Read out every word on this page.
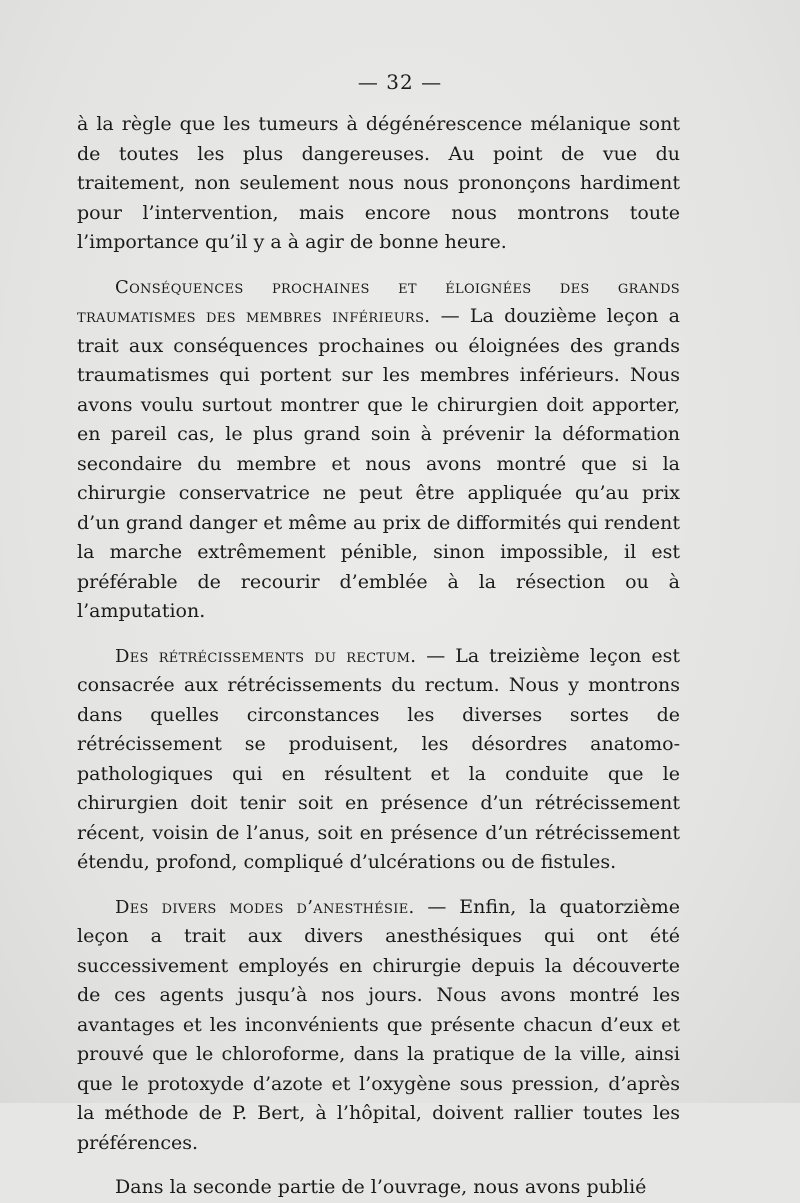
— 32 —

à la règle que les tumeurs à dégénérescence mélanique sont de toutes les plus dangereuses. Au point de vue du traitement, non seulement nous nous prononçons hardiment pour l’intervention, mais encore nous montrons toute l’importance qu’il y a à agir de bonne heure.

Conséquences prochaines et éloignées des grands traumatismes des membres inférieurs. — La douzième leçon a trait aux conséquences prochaines ou éloignées des grands traumatismes qui portent sur les membres inférieurs. Nous avons voulu surtout montrer que le chirurgien doit apporter, en pareil cas, le plus grand soin à prévenir la déformation secondaire du membre et nous avons montré que si la chirurgie conservatrice ne peut être appliquée qu’au prix d’un grand danger et même au prix de difformités qui rendent la marche extrêmement pénible, sinon impossible, il est préférable de recourir d’emblée à la résection ou à l’amputation.

Des rétrécissements du rectum. — La treizième leçon est consacrée aux rétrécissements du rectum. Nous y montrons dans quelles circonstances les diverses sortes de rétrécissement se produisent, les désordres anatomo-pathologiques qui en résultent et la conduite que le chirurgien doit tenir soit en présence d’un rétrécissement récent, voisin de l’anus, soit en présence d’un rétrécissement étendu, profond, compliqué d’ulcérations ou de fistules.

Des divers modes d’anesthésie. — Enfin, la quatorzième leçon a trait aux divers anesthésiques qui ont été successivement employés en chirurgie depuis la découverte de ces agents jusqu’à nos jours. Nous avons montré les avantages et les inconvénients que présente chacun d’eux et prouvé que le chloroforme, dans la pratique de la ville, ainsi que le protoxyde d’azote et l’oxygène sous pression, d’après la méthode de P. Bert, à l’hôpital, doivent rallier toutes les préférences.

Dans la seconde partie de l’ouvrage, nous avons publié
